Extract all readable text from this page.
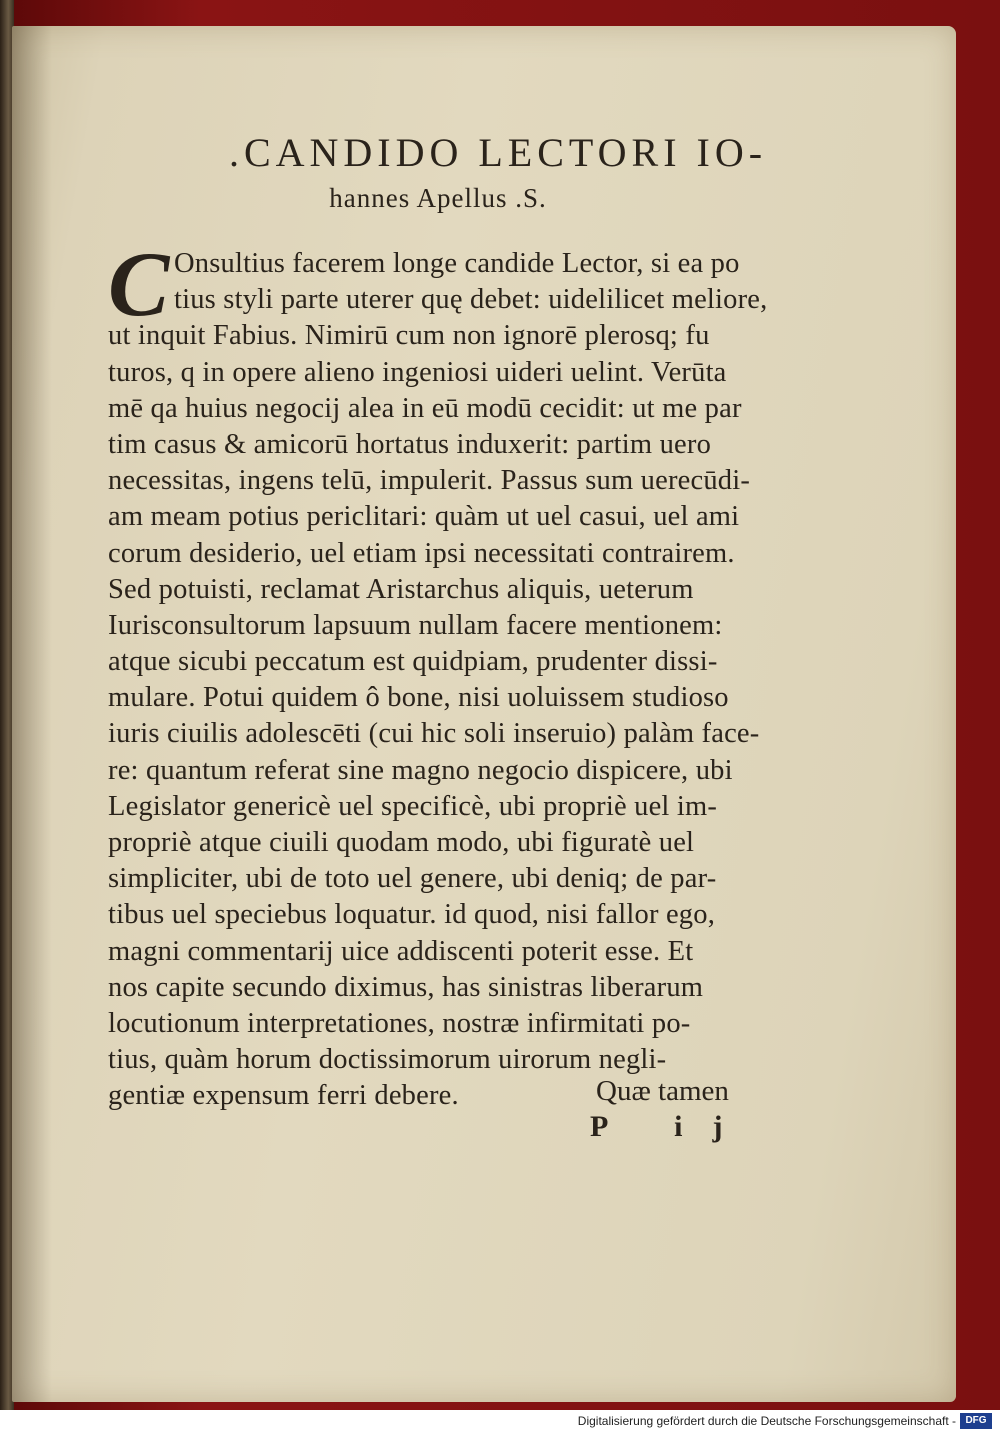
.CANDIDO LECTORI IO-
hannes Apellus .S.
C Onsultius facerem longe candide Lector, si ea po
tius styli parte uterer quę debet: uidelilicet meliore,
ut inquit Fabius. Nimirū cum non ignorē plerosq; fu
turos, q in opere alieno ingeniosi uideri uelint. Verūta
mē qa huius negocij alea in eū modū cecidit: ut me par
tim casus & amicorū hortatus induxerit: partim uero
necessitas, ingens telū, impulerit. Passus sum uerecūdi-
am meam potius periclitari: quàm ut uel casui, uel ami
corum desiderio, uel etiam ipsi necessitati contrairem.
Sed potuisti, reclamat Aristarchus aliquis, ueterum
Iurisconsultorum lapsuum nullam facere mentionem:
atque sicubi peccatum est quidpiam, prudenter dissi-
mulare. Potui quidem ô bone, nisi uoluissem studioso
iuris ciuilis adolescēti (cui hic soli inseruio) palàm face-
re: quantum referat sine magno negocio dispicere, ubi
Legislator genericè uel specificè, ubi propriè uel im-
propriè atque ciuili quodam modo, ubi figuratè uel
simpliciter, ubi de toto uel genere, ubi deniq; de par-
tibus uel speciebus loquatur. id quod, nisi fallor ego,
magni commentarij uice addiscenti poterit esse. Et
nos capite secundo diximus, has sinistras liberarum
locutionum interpretationes, nostræ infirmitati po-
tius, quàm horum doctissimorum uirorum negli-
gentiæ expensum ferri debere.	Quæ tamen
P ij
Digitalisierung gefördert durch die Deutsche Forschungsgemeinschaft - DFG
